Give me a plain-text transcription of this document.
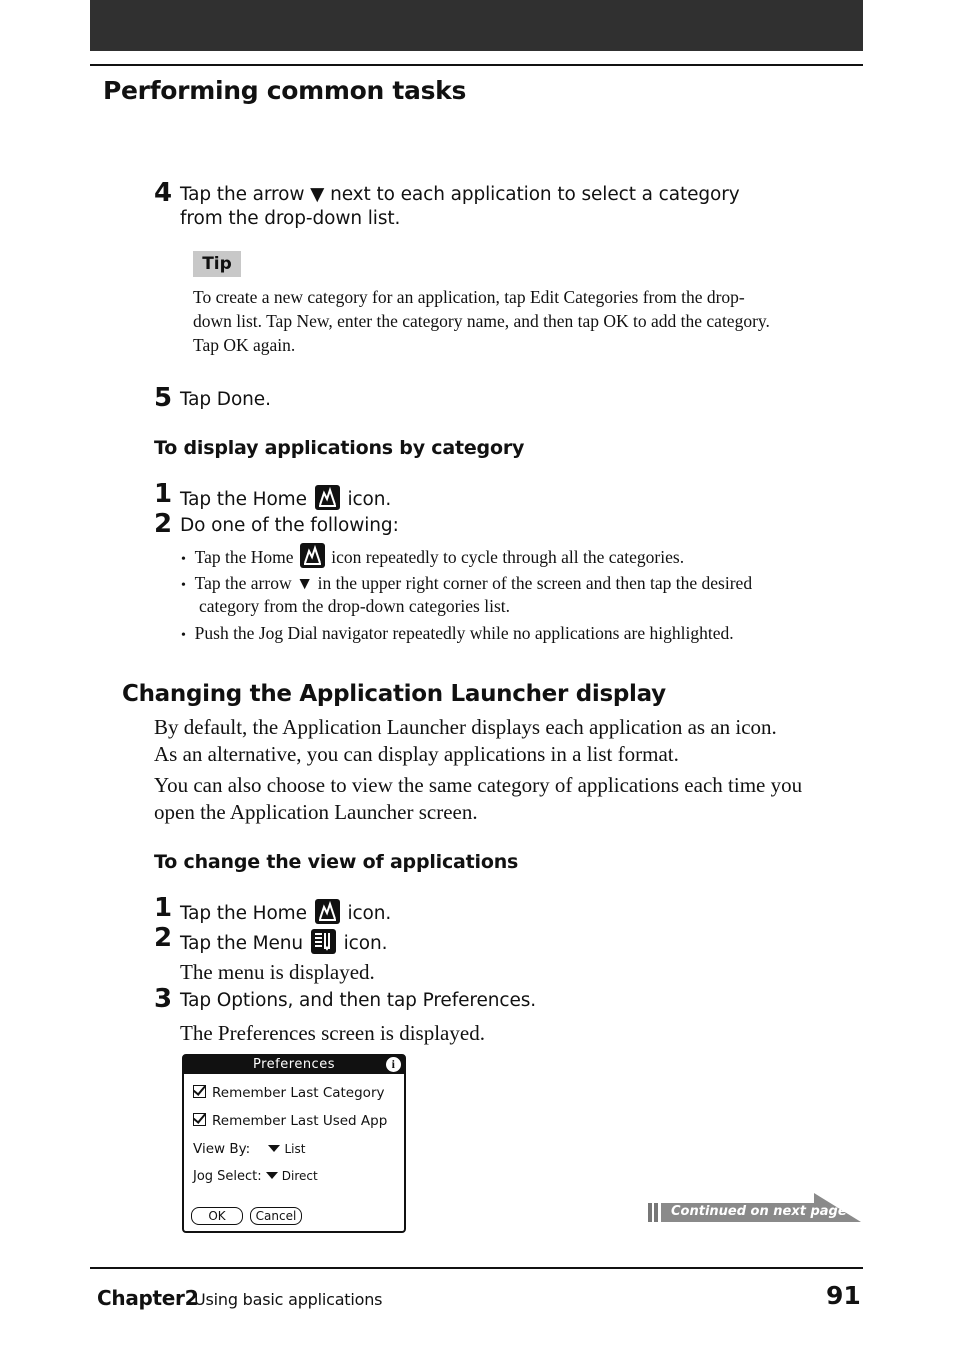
Performing common tasks
4 Tap the arrow ▼ next to each application to select a category
from the drop-down list.
Tip
To create a new category for an application, tap Edit Categories from the drop-
down list. Tap New, enter the category name, and then tap OK to add the category.
Tap OK again.
5 Tap Done.
To display applications by category
1 Tap the Home icon.
2 Do one of the following:
• Tap the Home icon repeatedly to cycle through all the categories.
• Tap the arrow ▼ in the upper right corner of the screen and then tap the desired
category from the drop-down categories list.
• Push the Jog Dial navigator repeatedly while no applications are highlighted.
Changing the Application Launcher display
By default, the Application Launcher displays each application as an icon.
As an alternative, you can display applications in a list format.
You can also choose to view the same category of applications each time you
open the Application Launcher screen.
To change the view of applications
1 Tap the Home icon.
2 Tap the Menu icon.
The menu is displayed.
3 Tap Options, and then tap Preferences.
The Preferences screen is displayed.
Preferences	i
Remember Last Category
Remember Last Used App
View By:	List
Jog Select: Direct
OK	Cancel	Continued on next page
Chapter2
Using basic applications	91
